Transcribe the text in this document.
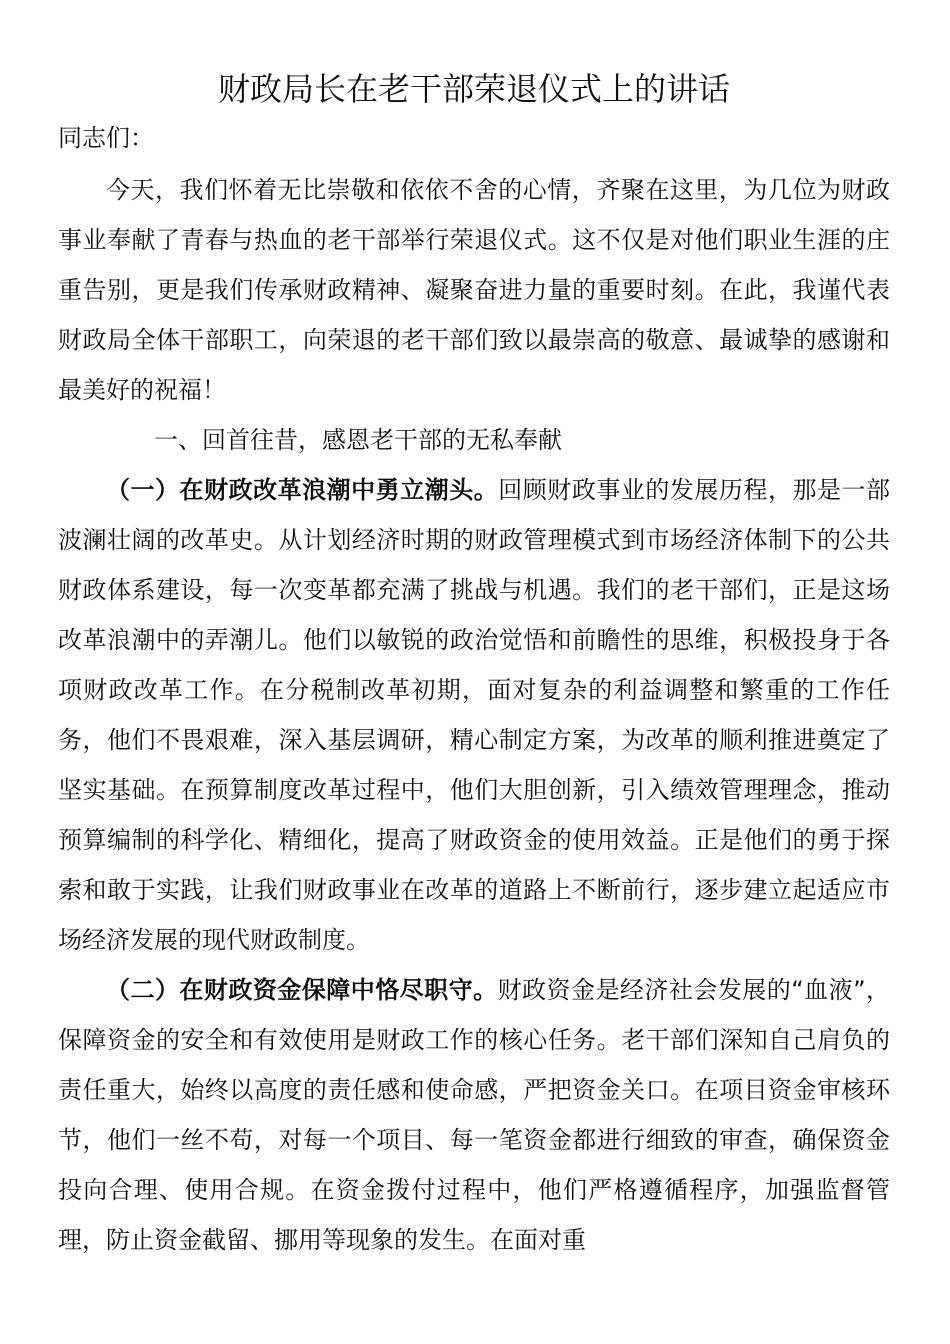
财政局长在老干部荣退仪式上的讲话
同志们：

今天，我们怀着无比崇敬和依依不舍的心情，齐聚在这里，为几位为财政事业奉献了青春与热血的老干部举行荣退仪式。这不仅是对他们职业生涯的庄重告别，更是我们传承财政精神、凝聚奋进力量的重要时刻。在此，我谨代表财政局全体干部职工，向荣退的老干部们致以最崇高的敬意、最诚挚的感谢和最美好的祝福！

  一、回首往昔，感恩老干部的无私奉献

（一）在财政改革浪潮中勇立潮头。回顾财政事业的发展历程，那是一部波澜壮阔的改革史。从计划经济时期的财政管理模式到市场经济体制下的公共财政体系建设，每一次变革都充满了挑战与机遇。我们的老干部们，正是这场改革浪潮中的弄潮儿。他们以敏锐的政治觉悟和前瞻性的思维，积极投身于各项财政改革工作。在分税制改革初期，面对复杂的利益调整和繁重的工作任务，他们不畏艰难，深入基层调研，精心制定方案，为改革的顺利推进奠定了坚实基础。在预算制度改革过程中，他们大胆创新，引入绩效管理理念，推动预算编制的科学化、精细化，提高了财政资金的使用效益。正是他们的勇于探索和敢于实践，让我们财政事业在改革的道路上不断前行，逐步建立起适应市场经济发展的现代财政制度。

（二）在财政资金保障中恪尽职守。财政资金是经济社会发展的“血液”，保障资金的安全和有效使用是财政工作的核心任务。老干部们深知自己肩负的责任重大，始终以高度的责任感和使命感，严把资金关口。在项目资金审核环节，他们一丝不苟，对每一个项目、每一笔资金都进行细致的审查，确保资金投向合理、使用合规。在资金拨付过程中，他们严格遵循程序，加强监督管理，防止资金截留、挪用等现象的发生。在面对重
